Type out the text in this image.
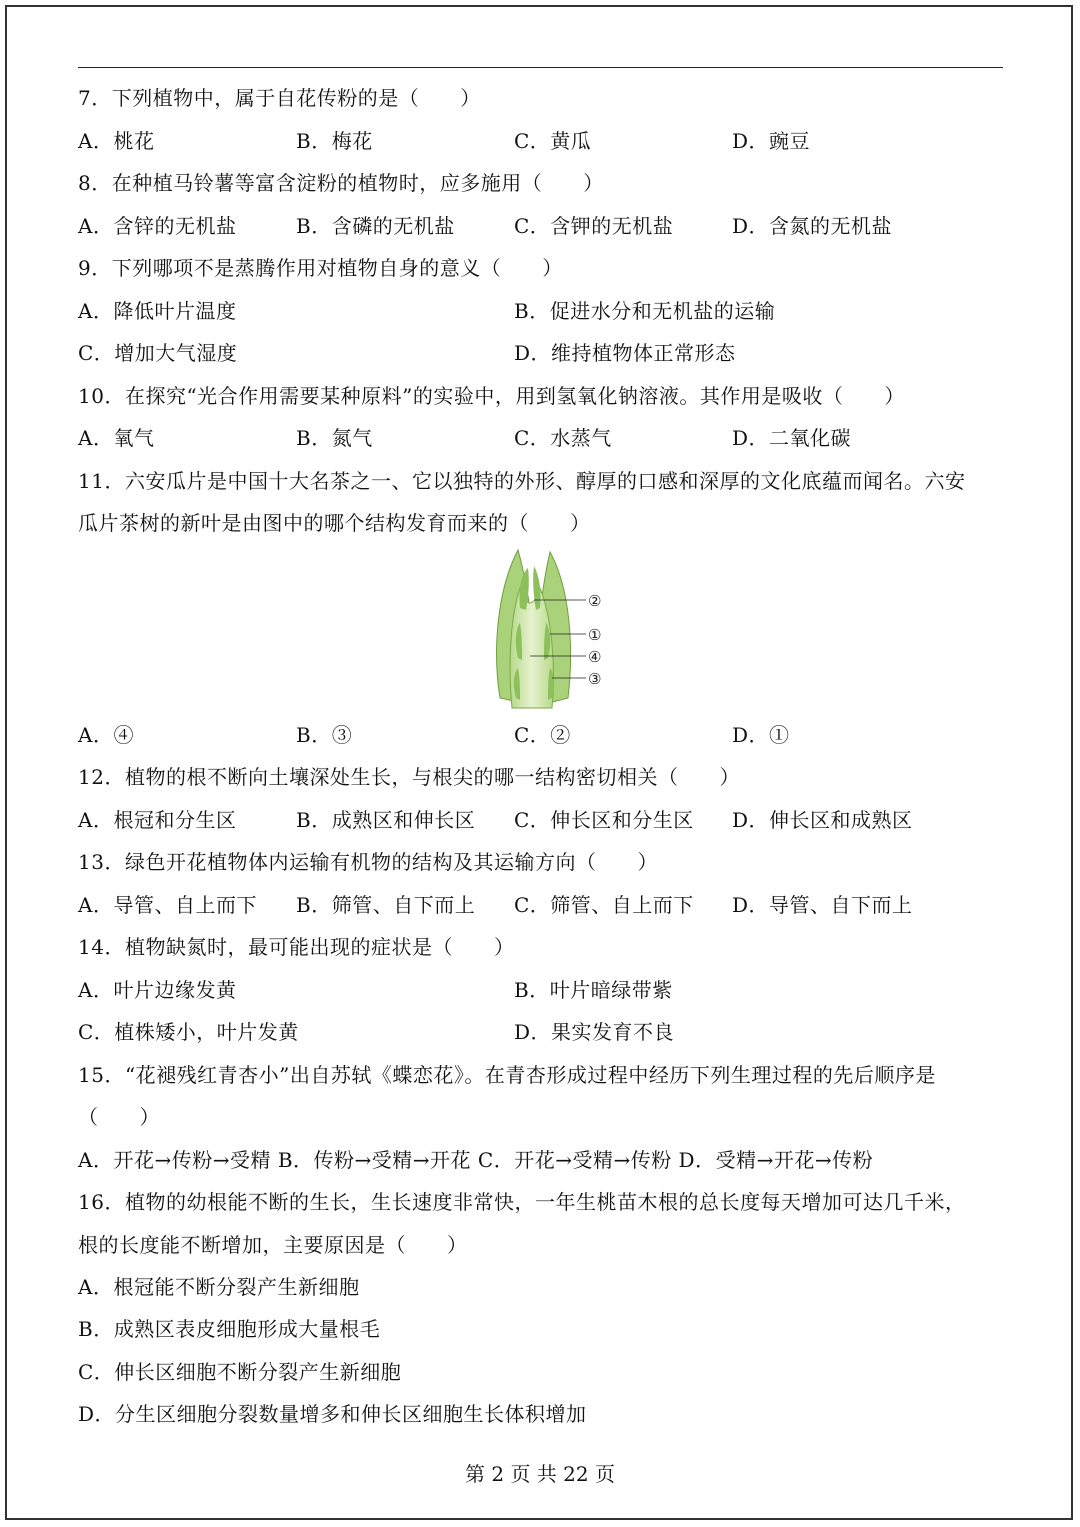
7．下列植物中，属于自花传粉的是（　　）
A．桃花	B．梅花	C．黄瓜	D．豌豆
8．在种植马铃薯等富含淀粉的植物时，应多施用（　　）
A．含锌的无机盐	B．含磷的无机盐	C．含钾的无机盐	D．含氮的无机盐
9．下列哪项不是蒸腾作用对植物自身的意义（　　）
A．降低叶片温度	B．促进水分和无机盐的运输
C．增加大气湿度	D．维持植物体正常形态
10．在探究“光合作用需要某种原料”的实验中，用到氢氧化钠溶液。其作用是吸收（　　）
A．氧气	B．氮气	C．水蒸气	D．二氧化碳
11．六安瓜片是中国十大名茶之一、它以独特的外形、醇厚的口感和深厚的文化底蕴而闻名。六安
瓜片茶树的新叶是由图中的哪个结构发育而来的（　　）
②
①
④
③
A．④	B．③	C．②	D．①
12．植物的根不断向土壤深处生长，与根尖的哪一结构密切相关（　　）
A．根冠和分生区	B．成熟区和伸长区 C．伸长区和分生区 D．伸长区和成熟区
13．绿色开花植物体内运输有机物的结构及其运输方向（　　）
A．导管、自上而下 B．筛管、自下而上 C．筛管、自上而下 D．导管、自下而上
14．植物缺氮时，最可能出现的症状是（　　）
A．叶片边缘发黄	B．叶片暗绿带紫
C．植株矮小，叶片发黄	D．果实发育不良
15．“花褪残红青杏小”出自苏轼《蝶恋花》。在青杏形成过程中经历下列生理过程的先后顺序是
（　　）
A．开花→传粉→受精 B．传粉→受精→开花 C．开花→受精→传粉 D．受精→开花→传粉
16．植物的幼根能不断的生长，生长速度非常快，一年生桃苗木根的总长度每天增加可达几千米，
根的长度能不断增加，主要原因是（　　）
A．根冠能不断分裂产生新细胞
B．成熟区表皮细胞形成大量根毛
C．伸长区细胞不断分裂产生新细胞
D．分生区细胞分裂数量增多和伸长区细胞生长体积增加
第 2 页 共 22 页
